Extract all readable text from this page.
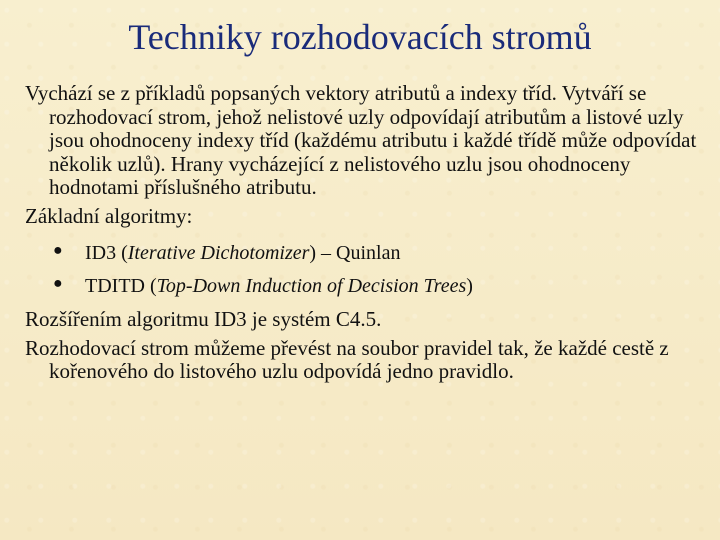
Techniky rozhodovacích stromů

Vychází se z příkladů popsaných vektory atributů a indexy tříd. Vytváří se rozhodovací strom, jehož nelistové uzly odpovídají atributům a listové uzly jsou ohodnoceny indexy tříd (každému atributu i každé třídě může odpovídat několik uzlů). Hrany vycházející z nelistového uzlu jsou ohodnoceny hodnotami příslušného atributu.

Základní algoritmy:

● ID3 (Iterative Dichotomizer) – Quinlan
● TDITD (Top-Down Induction of Decision Trees)

Rozšířením algoritmu ID3 je systém C4.5.

Rozhodovací strom můžeme převést na soubor pravidel tak, že každé cestě z kořenového do listového uzlu odpovídá jedno pravidlo.
